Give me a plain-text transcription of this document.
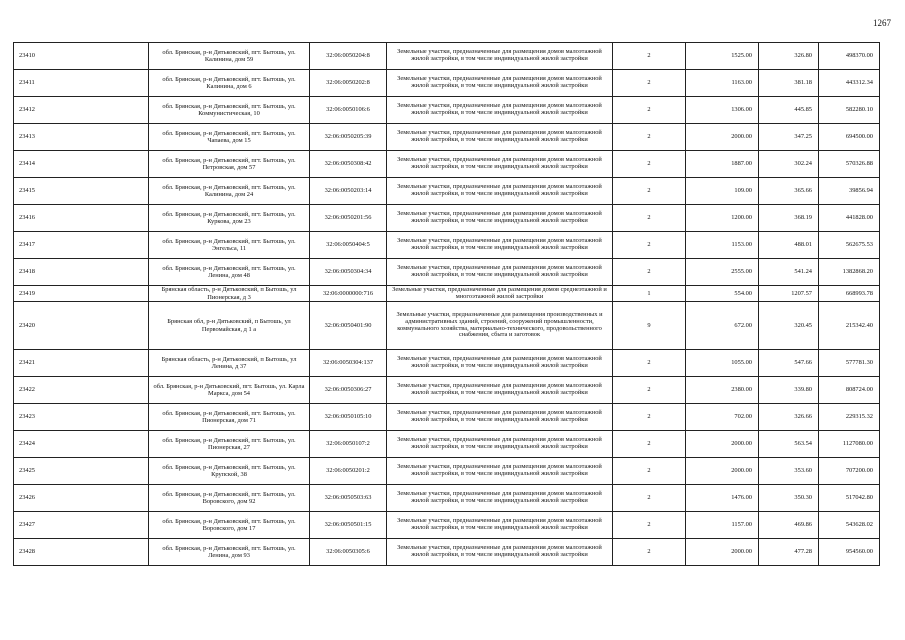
1267
23410	обл. Брянская, р-н Дятьковский, пгт. Бытошь, ул. Калинина, дом 59	32:06:0050204:8	Земельные участки, предназначенные для размещения домов малоэтажной жилой застройки, в том числе индивидуальной жилой застройки	2	1525.00	326.80	498370.00
23411	обл. Брянская, р-н Дятьковский, пгт. Бытошь, ул. Калинина, дом 6	32:06:0050202:8	Земельные участки, предназначенные для размещения домов малоэтажной жилой застройки, в том числе индивидуальной жилой застройки	2	1163.00	381.18	443312.34
23412	обл. Брянская, р-н Дятьковский, пгт. Бытошь, ул. Коммунистическая, 10	32:06:0050106:6	Земельные участки, предназначенные для размещения домов малоэтажной жилой застройки, в том числе индивидуальной жилой застройки	2	1306.00	445.85	582280.10
23413	обл. Брянская, р-н Дятьковский, пгт. Бытошь, ул. Чапаева, дом 15	32:06:0050205:39	Земельные участки, предназначенные для размещения домов малоэтажной жилой застройки, в том числе индивидуальной жилой застройки	2	2000.00	347.25	694500.00
23414	обл. Брянская, р-н Дятьковский, пгт. Бытошь, ул. Петровская, дом 57	32:06:0050308:42	Земельные участки, предназначенные для размещения домов малоэтажной жилой застройки, в том числе индивидуальной жилой застройки	2	1887.00	302.24	570326.88
23415	обл. Брянская, р-н Дятьковский, пгт. Бытошь, ул. Калинина, дом 24	32:06:0050203:14	Земельные участки, предназначенные для размещения домов малоэтажной жилой застройки, в том числе индивидуальной жилой застройки	2	109.00	365.66	39856.94
23416	обл. Брянская, р-н Дятьковский, пгт. Бытошь, ул. Куркова, дом 23	32:06:0050201:56	Земельные участки, предназначенные для размещения домов малоэтажной жилой застройки, в том числе индивидуальной жилой застройки	2	1200.00	368.19	441828.00
23417	обл. Брянская, р-н Дятьковский, пгт. Бытошь, ул. Энгельса, 11	32:06:0050404:5	Земельные участки, предназначенные для размещения домов малоэтажной жилой застройки, в том числе индивидуальной жилой застройки	2	1153.00	488.01	562675.53
23418	обл. Брянская, р-н Дятьковский, пгт. Бытошь, ул. Ленина, дом 48	32:06:0050304:34	Земельные участки, предназначенные для размещения домов малоэтажной жилой застройки, в том числе индивидуальной жилой застройки	2	2555.00	541.24	1382868.20
23419	Брянская область, р-н Дятьковский, п Бытошь, ул Пионерская, д 3	32:06:0000000:716	Земельные участки, предназначенные для размещения домов среднеэтажной и многоэтажной жилой застройки	1	554.00	1207.57	668993.78
23420	Брянская обл, р-н Дятьковский, п Бытошь, ул Первомайская, д 1 а	32:06:0050401:90	Земельные участки, предназначенные для размещения производственных и административных зданий, строений, сооружений промышленности, коммунального хозяйства, материально-технического, продовольственного снабжения, сбыта и заготовок	9	672.00	320.45	215342.40
23421	Брянская область, р-н Дятьковский, п Бытошь, ул Ленина, д 37	32:06:0050304:137	Земельные участки, предназначенные для размещения домов малоэтажной жилой застройки, в том числе индивидуальной жилой застройки	2	1055.00	547.66	577781.30
23422	обл. Брянская, р-н Дятьковский, пгт. Бытошь, ул. Карла Маркса, дом 54	32:06:0050306:27	Земельные участки, предназначенные для размещения домов малоэтажной жилой застройки, в том числе индивидуальной жилой застройки	2	2380.00	339.80	808724.00
23423	обл. Брянская, р-н Дятьковский, пгт. Бытошь, ул. Пионерская, дом 71	32:06:0050105:10	Земельные участки, предназначенные для размещения домов малоэтажной жилой застройки, в том числе индивидуальной жилой застройки	2	702.00	326.66	229315.32
23424	обл. Брянская, р-н Дятьковский, пгт. Бытошь, ул. Пионерская, 27	32:06:0050107:2	Земельные участки, предназначенные для размещения домов малоэтажной жилой застройки, в том числе индивидуальной жилой застройки	2	2000.00	563.54	1127080.00
23425	обл. Брянская, р-н Дятьковский, пгт. Бытошь, ул. Крупской, 38	32:06:0050201:2	Земельные участки, предназначенные для размещения домов малоэтажной жилой застройки, в том числе индивидуальной жилой застройки	2	2000.00	353.60	707200.00
23426	обл. Брянская, р-н Дятьковский, пгт. Бытошь, ул. Воровского, дом 92	32:06:0050503:63	Земельные участки, предназначенные для размещения домов малоэтажной жилой застройки, в том числе индивидуальной жилой застройки	2	1476.00	350.30	517042.80
23427	обл. Брянская, р-н Дятьковский, пгт. Бытошь, ул. Воровского, дом 17	32:06:0050501:15	Земельные участки, предназначенные для размещения домов малоэтажной жилой застройки, в том числе индивидуальной жилой застройки	2	1157.00	469.86	543628.02
23428	обл. Брянская, р-н Дятьковский, пгт. Бытошь, ул. Ленина, дом 93	32:06:0050305:6	Земельные участки, предназначенные для размещения домов малоэтажной жилой застройки, в том числе индивидуальной жилой застройки	2	2000.00	477.28	954560.00
